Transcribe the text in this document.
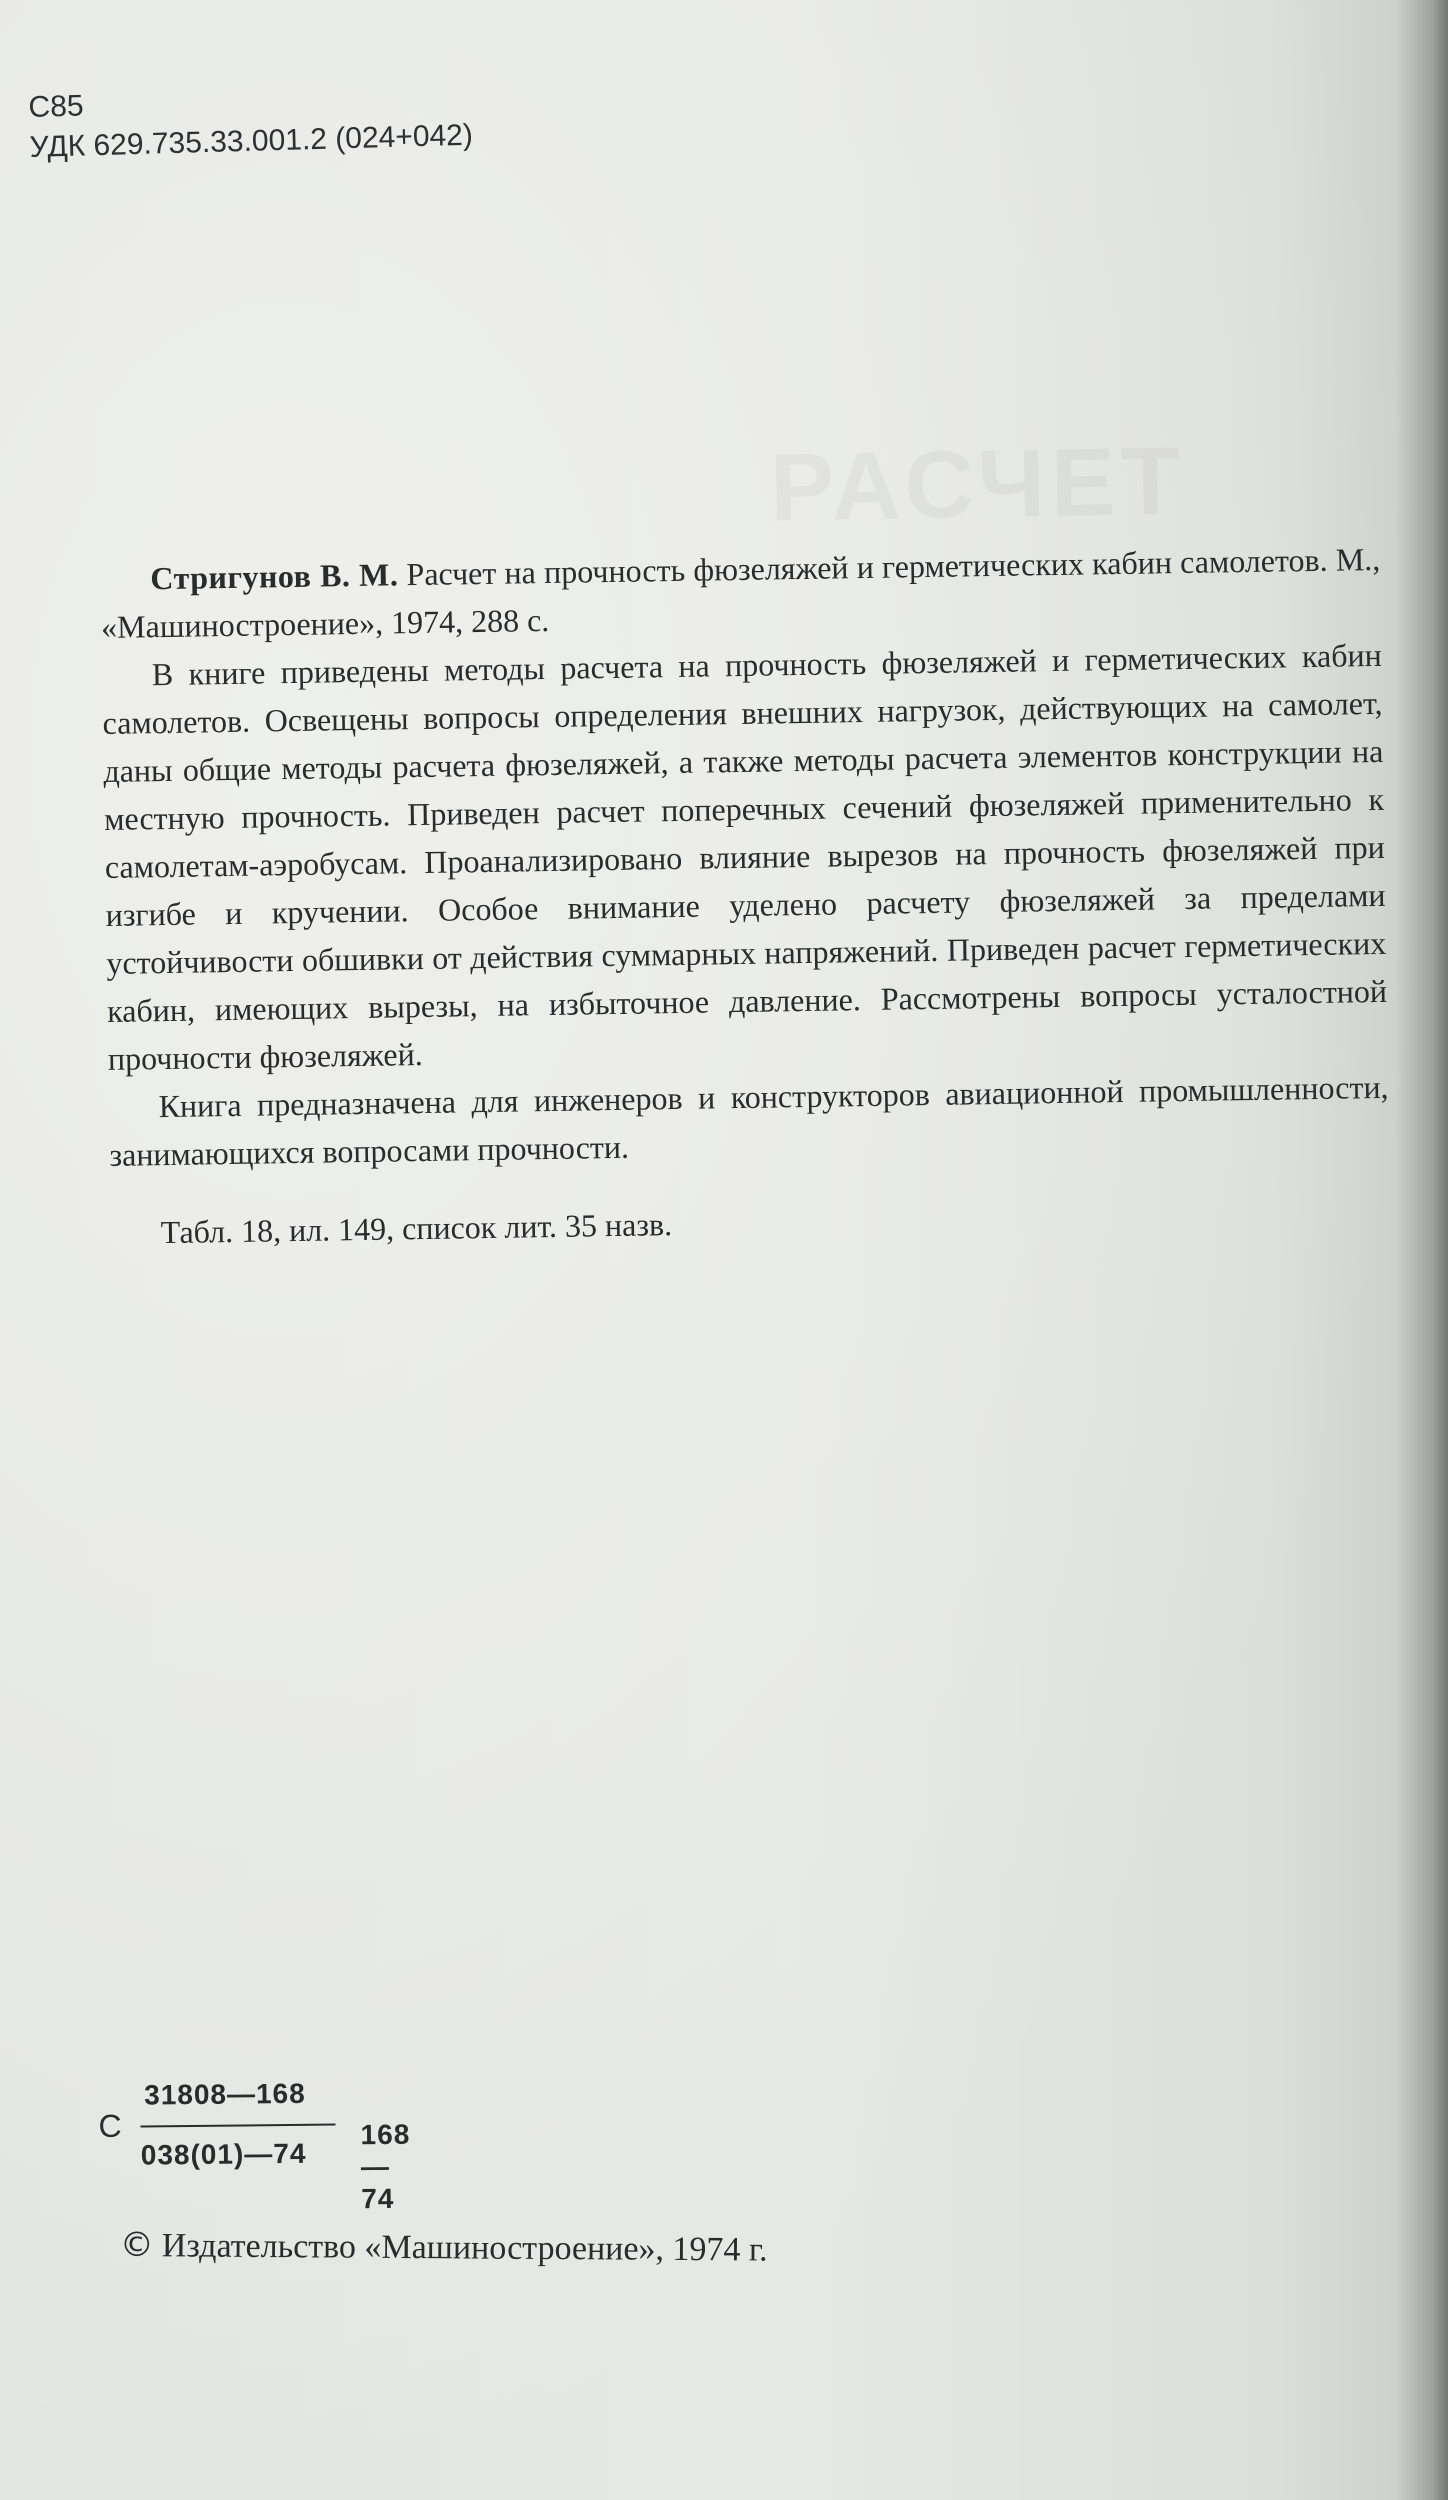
РАСЧЕТ
С85
УДК 629.735.33.001.2 (024+042)

Стригунов В. М. Расчет на прочность фюзеляжей и герметических кабин самолетов. М., «Машиностроение», 1974, 288 с.

В книге приведены методы расчета на прочность фюзеляжей и герметических кабин самолетов. Освещены вопросы определения внешних нагрузок, действующих на самолет, даны общие методы расчета фюзеляжей, а также методы расчета элементов конструкции на местную прочность. Приведен расчет поперечных сечений фюзеляжей применительно к самолетам-аэробусам. Проанализировано влияние вырезов на прочность фюзеляжей при изгибе и кручении. Особое внимание уделено расчету фюзеляжей за пределами устойчивости обшивки от действия суммарных напряжений. Приведен расчет герметических кабин, имеющих вырезы, на избыточное давление. Рассмотрены вопросы усталостной прочности фюзеляжей.

Книга предназначена для инженеров и конструкторов авиационной промышленности, занимающихся вопросами прочности.

Табл. 18, ил. 149, список лит. 35 назв.

С
31808—168
038(01)—74
168—74
© Издательство «Машиностроение», 1974 г.
